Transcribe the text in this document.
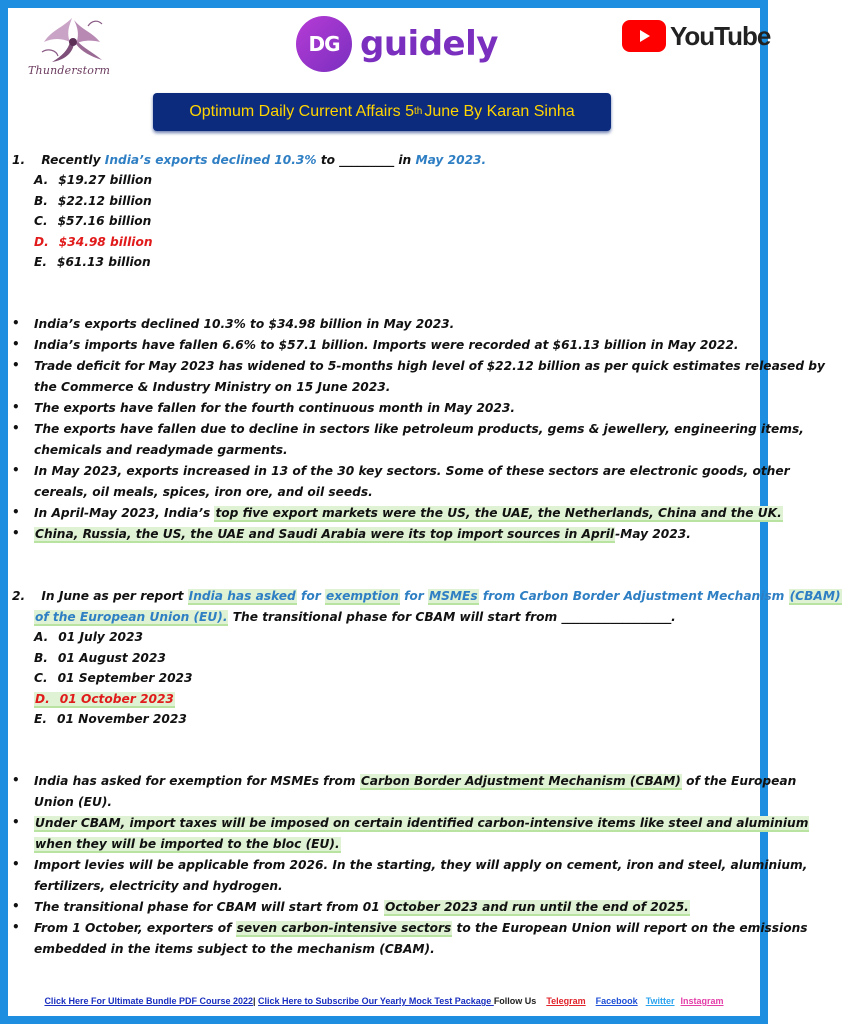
Thunderstorm
DG guidely	YouTube
Optimum Daily Current Affairs 5 th June By Karan Sinha
1. Recently India’s exports declined 10.3% to _________ in May 2023.
A. $19.27 billion
B. $22.12 billion
C. $57.16 billion
D. $34.98 billion
E. $61.13 billion
• India’s exports declined 10.3% to $34.98 billion in May 2023.
• India’s imports have fallen 6.6% to $57.1 billion. Imports were recorded at $61.13 billion in May 2022.
• Trade deficit for May 2023 has widened to 5-months high level of $22.12 billion as per quick estimates released by
the Commerce & Industry Ministry on 15 June 2023.
• The exports have fallen for the fourth continuous month in May 2023.
• The exports have fallen due to decline in sectors like petroleum products, gems & jewellery, engineering items,
chemicals and readymade garments.
• In May 2023, exports increased in 13 of the 30 key sectors. Some of these sectors are electronic goods, other
cereals, oil meals, spices, iron ore, and oil seeds.
• In April-May 2023, India’s top five export markets were the US, the UAE, the Netherlands, China and the UK.
• China, Russia, the US, the UAE and Saudi Arabia were its top import sources in April-May 2023.
2. In June as per report India has asked for exemption for MSMEs from Carbon Border Adjustment Mechanism (CBAM)
of the European Union (EU). The transitional phase for CBAM will start from __________________.
A. 01 July 2023
B. 01 August 2023
C. 01 September 2023
D. 01 October 2023
E. 01 November 2023
• India has asked for exemption for MSMEs from Carbon Border Adjustment Mechanism (CBAM) of the European
Union (EU).
• Under CBAM, import taxes will be imposed on certain identified carbon-intensive items like steel and aluminium
when they will be imported to the bloc (EU).
• Import levies will be applicable from 2026. In the starting, they will apply on cement, iron and steel, aluminium,
fertilizers, electricity and hydrogen.
• The transitional phase for CBAM will start from 01 October 2023 and run until the end of 2025.
• From 1 October, exporters of seven carbon-intensive sectors to the European Union will report on the emissions
embedded in the items subject to the mechanism (CBAM).
Click Here For Ultimate Bundle PDF Course 2022| Click Here to Subscribe Our Yearly Mock Test Package Follow Us Telegram Facebook Twitter Instagram
